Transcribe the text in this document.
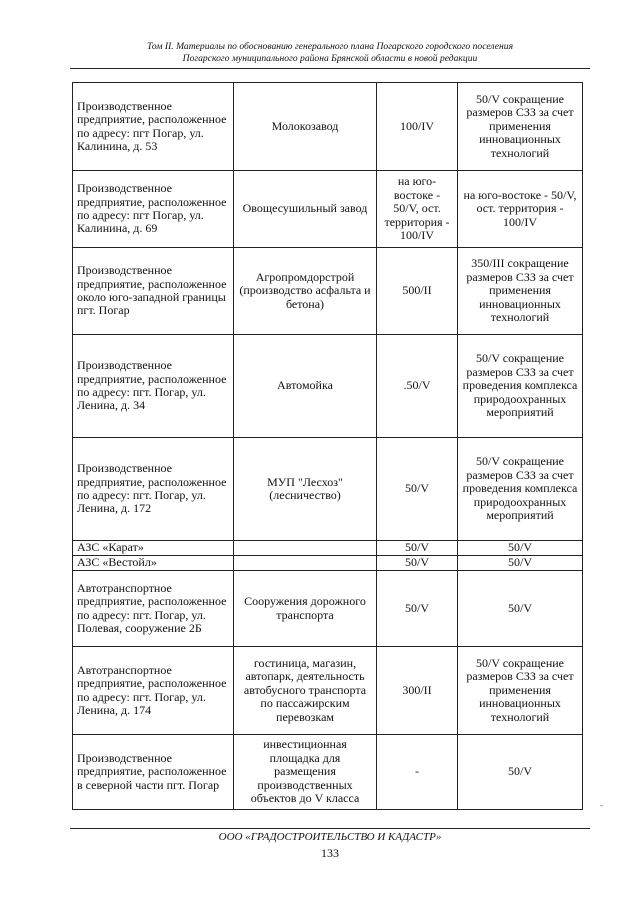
Том II. Материалы по обоснованию генерального плана Погарского городского поселения
Погарского муниципального района Брянской области в новой редакции
Производственное предприятие, расположенное по адресу: пгт Погар, ул. Калинина, д. 53	Молокозавод	100/IV	50/V сокращение размеров СЗЗ за счет применения инновационных технологий
Производственное предприятие, расположенное по адресу: пгт Погар, ул. Калинина, д. 69	Овощесушильный завод	на юго-востоке - 50/V, ост. территория - 100/IV	на юго-востоке - 50/V, ост. территория - 100/IV
Производственное предприятие, расположенное около юго-западной границы пгт. Погар	Агропромдорстрой (производство асфальта и бетона)	500/II	350/III сокращение размеров СЗЗ за счет применения инновационных технологий
Производственное предприятие, расположенное по адресу: пгт. Погар, ул. Ленина, д. 34	Автомойка	.50/V	50/V сокращение размеров СЗЗ за счет проведения комплекса природоохранных мероприятий
Производственное предприятие, расположенное по адресу: пгт. Погар, ул. Ленина, д. 172	МУП "Лесхоз" (лесничество)	50/V	50/V сокращение размеров СЗЗ за счет проведения комплекса природоохранных мероприятий
АЗС «Карат»		50/V	50/V
АЗС «Вестойл»		50/V	50/V
Автотранспортное предприятие, расположенное по адресу: пгт. Погар, ул. Полевая, сооружение 2Б	Сооружения дорожного транспорта	50/V	50/V
Автотранспортное предприятие, расположенное по адресу: пгт. Погар, ул. Ленина, д. 174	гостиница, магазин, автопарк, деятельность автобусного транспорта по пассажирским перевозкам	300/II	50/V сокращение размеров СЗЗ за счет применения инновационных технологий
Производственное предприятие, расположенное в северной части пгт. Погар	инвестиционная площадка для размещения производственных объектов до V класса	-	50/V
-
ООО «ГРАДОСТРОИТЕЛЬСТВО И КАДАСТР»
133
